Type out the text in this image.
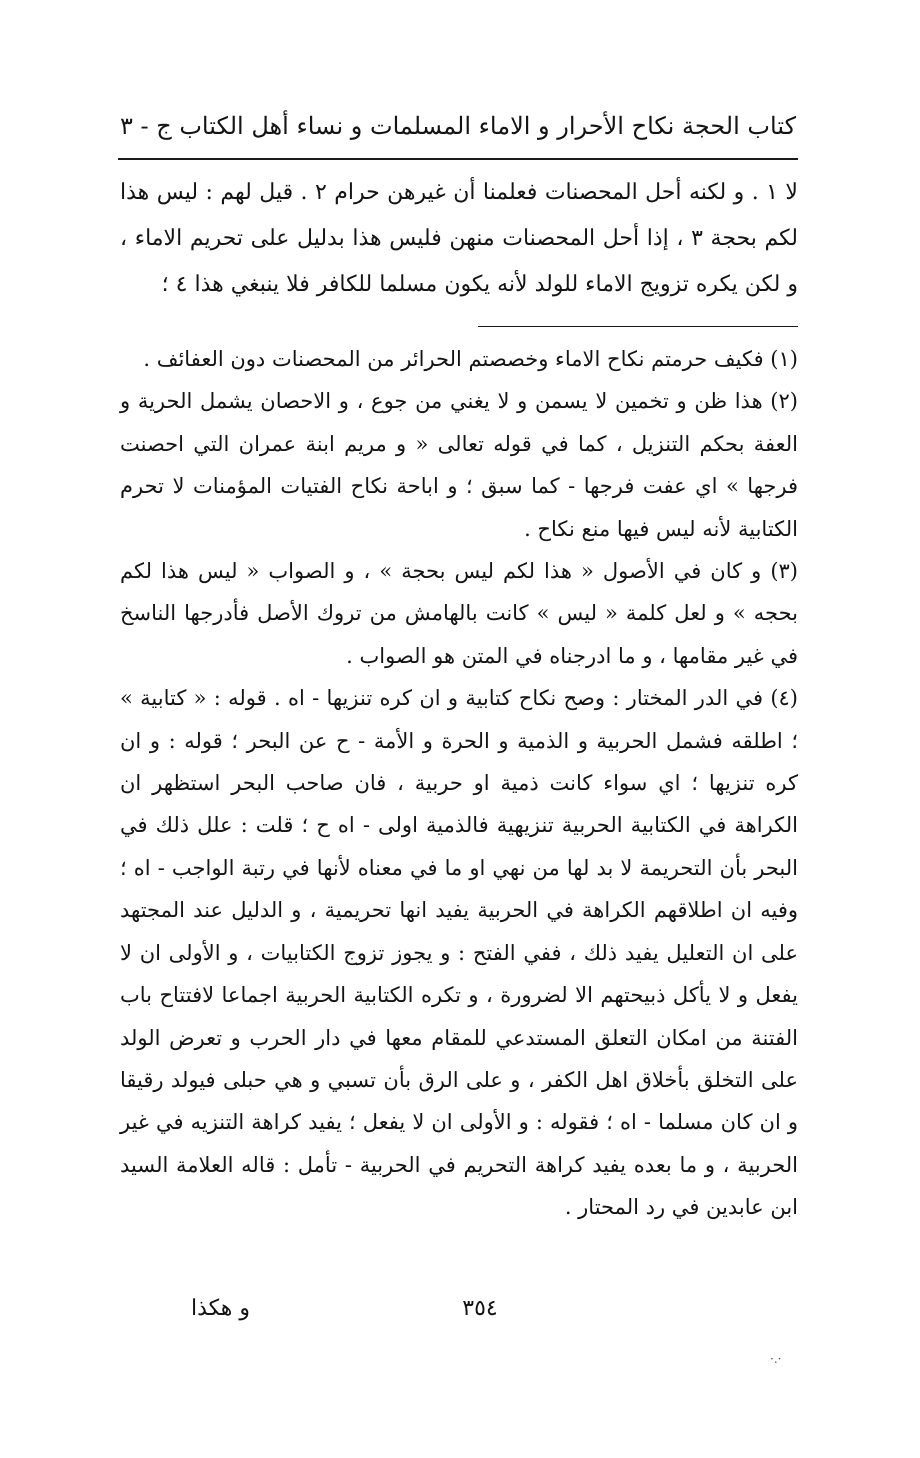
كتاب الحجة نكاح الأحرار و الاماء المسلمات و نساء أهل الكتاب
ج - ٣

لا ١ . و لكنه أحل المحصنات فعلمنا أن غيرهن حرام ٢ . قيل لهم : ليس هذا لكم بحجة ٣ ، إذا أحل المحصنات منهن فليس هذا بدليل على تحريم الاماء ، و لكن يكره تزويج الاماء للولد لأنه يكون مسلما للكافر فلا ينبغي هذا ٤ ؛

(١) فكيف حرمتم نكاح الاماء وخصصتم الحرائر من المحصنات دون العفائف .

(٢) هذا ظن و تخمين لا يسمن و لا يغني من جوع ، و الاحصان يشمل الحرية و العفة بحكم التنزيل ، كما في قوله تعالى « و مريم ابنة عمران التي احصنت فرجها » اي عفت فرجها - كما سبق ؛ و اباحة نكاح الفتيات المؤمنات لا تحرم الكتابية لأنه ليس فيها منع نكاح .

(٣) و كان في الأصول « هذا لكم ليس بحجة » ، و الصواب « ليس هذا لكم بحجه » و لعل كلمة « ليس » كانت بالهامش من تروك الأصل فأدرجها الناسخ في غير مقامها ، و ما ادرجناه في المتن هو الصواب .

(٤) في الدر المختار : وصح نكاح كتابية و ان كره تنزيها - اه . قوله : « كتابية » ؛ اطلقه فشمل الحربية و الذمية و الحرة و الأمة - ح عن البحر ؛ قوله : و ان كره تنزيها ؛ اي سواء كانت ذمية او حربية ، فان صاحب البحر استظهر ان الكراهة في الكتابية الحربية تنزيهية فالذمية اولى - اه ح ؛ قلت : علل ذلك في البحر بأن التحريمة لا بد لها من نهي او ما في معناه لأنها في رتبة الواجب - اه ؛ وفيه ان اطلاقهم الكراهة في الحربية يفيد انها تحريمية ، و الدليل عند المجتهد على ان التعليل يفيد ذلك ، ففي الفتح : و يجوز تزوج الكتابيات ، و الأولى ان لا يفعل و لا يأكل ذبيحتهم الا لضرورة ، و تكره الكتابية الحربية اجماعا لافتتاح باب الفتنة من امكان التعلق المستدعي للمقام معها في دار الحرب و تعرض الولد على التخلق بأخلاق اهل الكفر ، و على الرق بأن تسبي و هي حبلى فيولد رقيقا و ان كان مسلما - اه ؛ فقوله : و الأولى ان لا يفعل ؛ يفيد كراهة التنزيه في غير الحربية ، و ما بعده يفيد كراهة التحريم في الحربية - تأمل : قاله العلامة السيد ابن عابدين في رد المحتار .

٣٥٤
و هكذا
·.·
